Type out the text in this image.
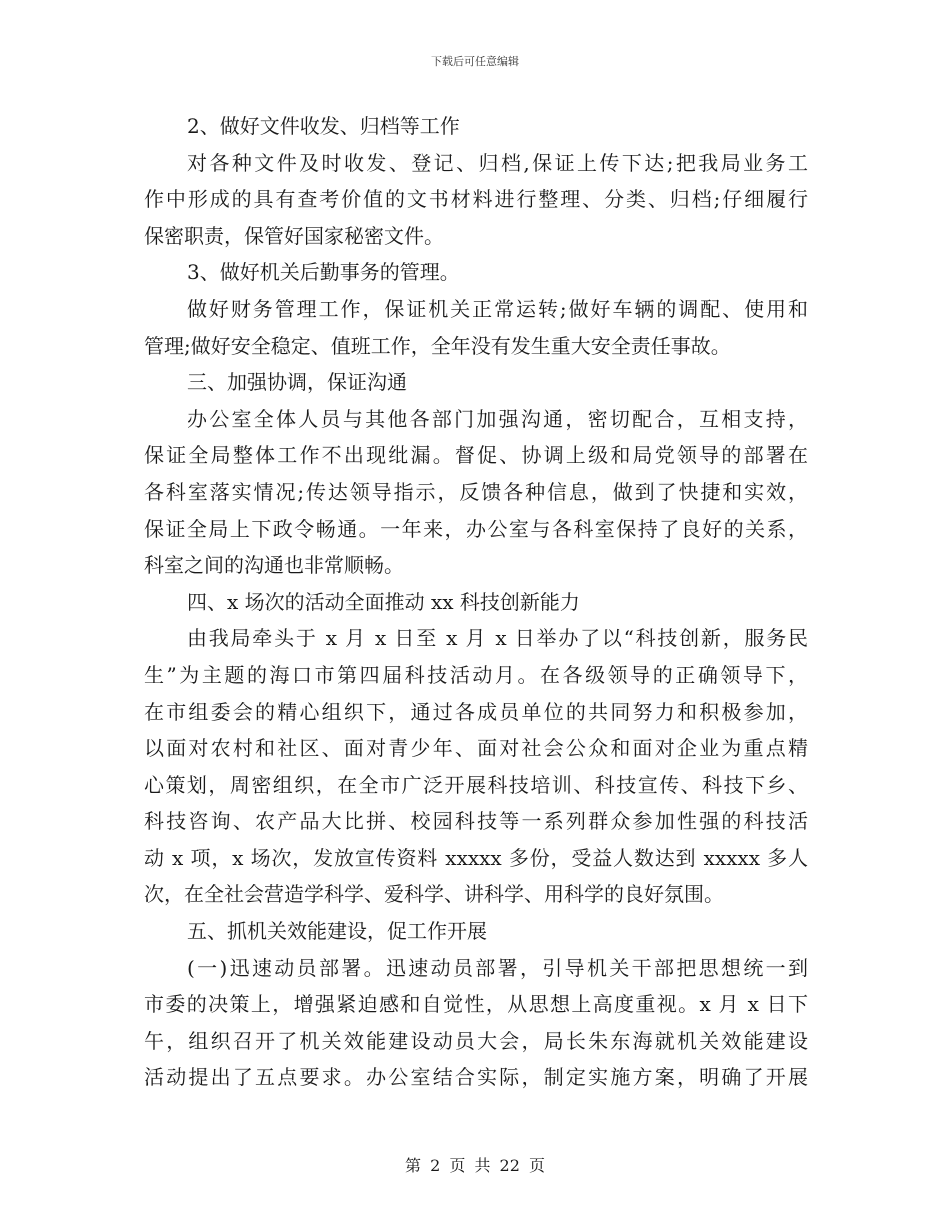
下载后可任意编辑
2、做好文件收发、归档等工作
对各种文件及时收发、登记、归档,保证上传下达;把我局业务工
作中形成的具有查考价值的文书材料进行整理、分类、归档;仔细履行
保密职责，保管好国家秘密文件。
3、做好机关后勤事务的管理。
做好财务管理工作，保证机关正常运转;做好车辆的调配、使用和
管理;做好安全稳定、值班工作，全年没有发生重大安全责任事故。
三、加强协调，保证沟通
办公室全体人员与其他各部门加强沟通，密切配合，互相支持，
保证全局整体工作不出现纰漏。督促、协调上级和局党领导的部署在
各科室落实情况;传达领导指示，反馈各种信息，做到了快捷和实效，
保证全局上下政令畅通。一年来，办公室与各科室保持了良好的关系，
科室之间的沟通也非常顺畅。
四、x 场次的活动全面推动 xx 科技创新能力
由我局牵头于 x 月 x 日至 x 月 x 日举办了以“科技创新，服务民
生”为主题的海口市第四届科技活动月。在各级领导的正确领导下，
在市组委会的精心组织下，通过各成员单位的共同努力和积极参加，
以面对农村和社区、面对青少年、面对社会公众和面对企业为重点精
心策划，周密组织，在全市广泛开展科技培训、科技宣传、科技下乡、
科技咨询、农产品大比拼、校园科技等一系列群众参加性强的科技活
动 x 项，x 场次，发放宣传资料 xxxxx 多份，受益人数达到 xxxxx 多人
次，在全社会营造学科学、爱科学、讲科学、用科学的良好氛围。
五、抓机关效能建设，促工作开展
(一)迅速动员部署。迅速动员部署，引导机关干部把思想统一到
市委的决策上，增强紧迫感和自觉性，从思想上高度重视。x 月 x 日下
午，组织召开了机关效能建设动员大会，局长朱东海就机关效能建设
活动提出了五点要求。办公室结合实际，制定实施方案，明确了开展
第 2 页 共 22 页
